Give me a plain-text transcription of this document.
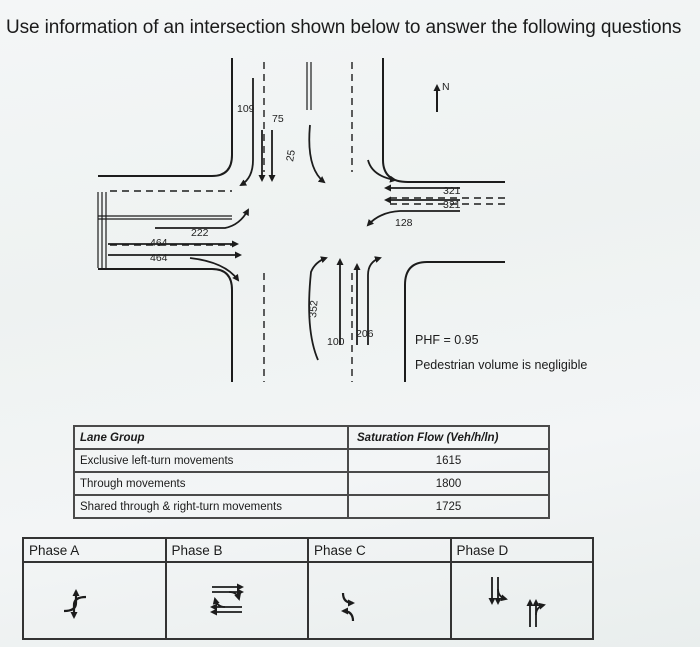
Use information of an intersection shown below to answer the following questions
N
109
75
25
321
321
128
222
464
464
352
100
206	PHF = 0.95
Pedestrian volume is negligible
Lane Group	Saturation Flow (Veh/h/ln)
Exclusive left-turn movements	1615
Through movements	1800
Shared through & right-turn movements	1725
Phase A	Phase B	Phase C	Phase D
